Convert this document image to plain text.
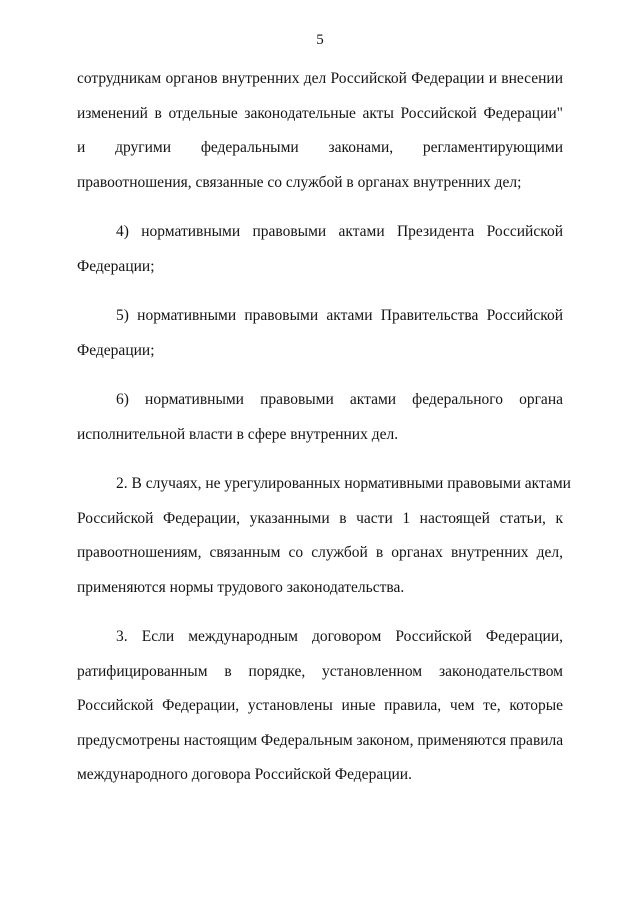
5

сотрудникам органов внутренних дел Российской Федерации и внесении
изменений в отдельные законодательные акты Российской Федерации"
и другими федеральными законами, регламентирующими
правоотношения, связанные со службой в органах внутренних дел;

4) нормативными правовыми актами Президента Российской
Федерации;

5) нормативными правовыми актами Правительства Российской
Федерации;

6) нормативными правовыми актами федерального органа
исполнительной власти в сфере внутренних дел.

2. В случаях, не урегулированных нормативными правовыми актами
Российской Федерации, указанными в части 1 настоящей статьи, к
правоотношениям, связанным со службой в органах внутренних дел,
применяются нормы трудового законодательства.

3. Если международным договором Российской Федерации,
ратифицированным в порядке, установленном законодательством
Российской Федерации, установлены иные правила, чем те, которые
предусмотрены настоящим Федеральным законом, применяются правила
международного договора Российской Федерации.
